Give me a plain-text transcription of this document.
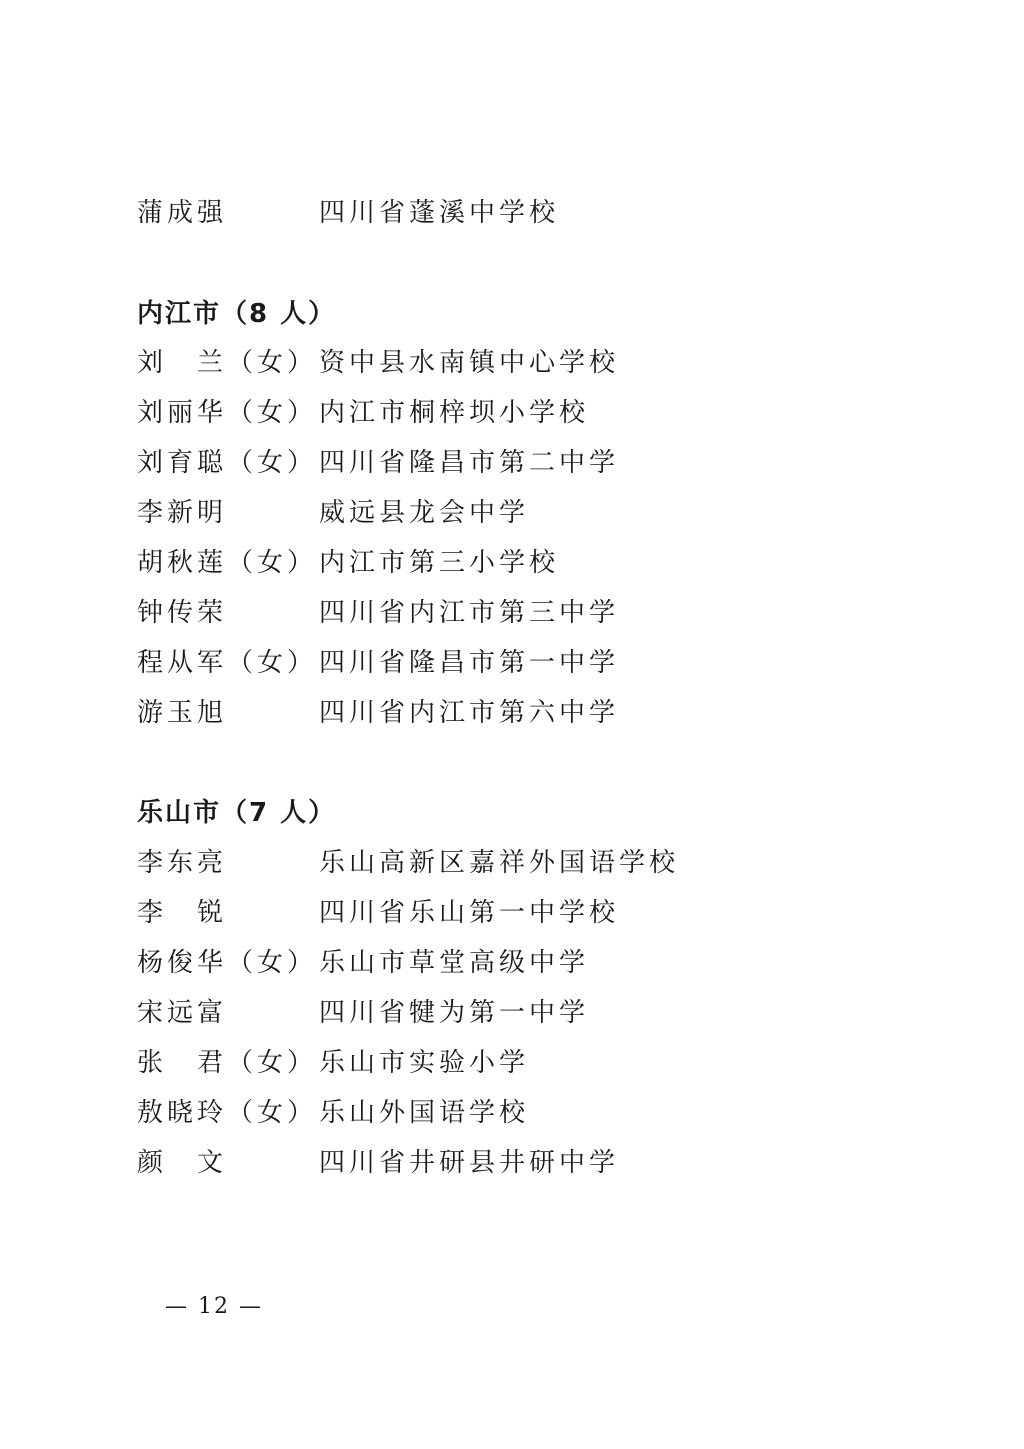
蒲成强	四川省蓬溪中学校
内江市（8 人）
刘　兰（女） 资中县水南镇中心学校
刘丽华（女） 内江市桐梓坝小学校
刘育聪（女） 四川省隆昌市第二中学
李新明	威远县龙会中学
胡秋莲（女） 内江市第三小学校
钟传荣	四川省内江市第三中学
程从军（女） 四川省隆昌市第一中学
游玉旭	四川省内江市第六中学
乐山市（7 人）
李东亮	乐山高新区嘉祥外国语学校
李　锐	四川省乐山第一中学校
杨俊华（女） 乐山市草堂高级中学
宋远富	四川省犍为第一中学
张　君（女） 乐山市实验小学
敖晓玲（女） 乐山外国语学校
颜　文	四川省井研县井研中学
— 12 —
